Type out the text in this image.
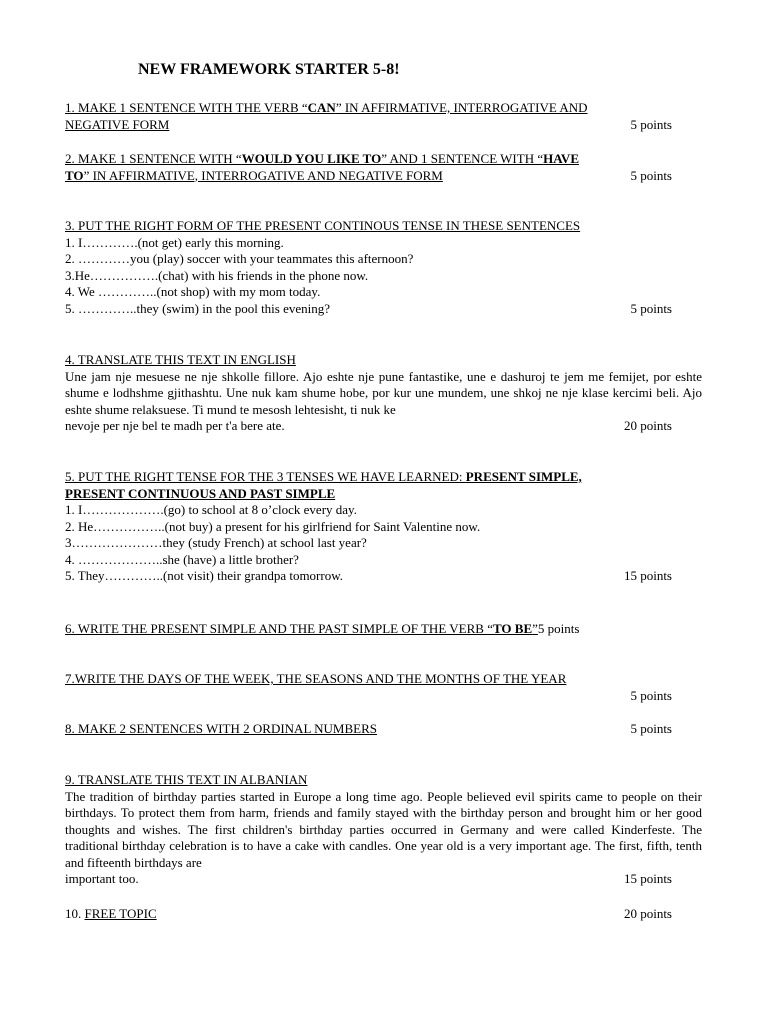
NEW FRAMEWORK STARTER 5-8!
1. MAKE 1 SENTENCE WITH THE VERB “CAN” IN AFFIRMATIVE, INTERROGATIVE AND
NEGATIVE FORM	5 points
2. MAKE 1 SENTENCE WITH “WOULD YOU LIKE TO” AND 1 SENTENCE WITH “HAVE
TO” IN AFFIRMATIVE, INTERROGATIVE AND NEGATIVE FORM	5 points
3. PUT THE RIGHT FORM OF THE PRESENT CONTINOUS TENSE IN THESE SENTENCES
1. I………….(not get) early this morning.
2. …………you (play) soccer with your teammates this afternoon?
3.He…………….(chat) with his friends in the phone now.
4. We …………..(not shop) with my mom today.
5. …………..they (swim) in the pool this evening?	5 points
4. TRANSLATE THIS TEXT IN ENGLISH
Une jam nje mesuese ne nje shkolle fillore. Ajo eshte nje pune fantastike, une e dashuroj te jem me femijet, por eshte shume e lodhshme gjithashtu. Une nuk kam shume hobe, por kur une mundem, une shkoj ne nje klase kercimi beli. Ajo eshte shume relaksuese. Ti mund te mesosh lehtesisht, ti nuk ke
nevoje per nje bel te madh per t'a bere ate.	20 points
5. PUT THE RIGHT TENSE FOR THE 3 TENSES WE HAVE LEARNED: PRESENT SIMPLE,
PRESENT CONTINUOUS AND PAST SIMPLE
1. I……………….(go) to school at 8 o’clock every day.
2. He……………..(not buy) a present for his girlfriend for Saint Valentine now.
3…………………they (study French) at school last year?
4. ………………..she (have) a little brother?
5. They…………..(not visit) their grandpa tomorrow.	15 points
6. WRITE THE PRESENT SIMPLE AND THE PAST SIMPLE OF THE VERB “TO BE”5 points
7.WRITE THE DAYS OF THE WEEK, THE SEASONS AND THE MONTHS OF THE YEAR
5 points
8. MAKE 2 SENTENCES WITH 2 ORDINAL NUMBERS	5 points
9. TRANSLATE THIS TEXT IN ALBANIAN
The tradition of birthday parties started in Europe a long time ago. People believed evil spirits came to people on their birthdays. To protect them from harm, friends and family stayed with the birthday person and brought him or her good thoughts and wishes. The first children's birthday parties occurred in Germany and were called Kinderfeste. The traditional birthday celebration is to have a cake with candles. One year old is a very important age. The first, fifth, tenth and fifteenth birthdays are
important too.	15 points
10. FREE TOPIC	20 points
